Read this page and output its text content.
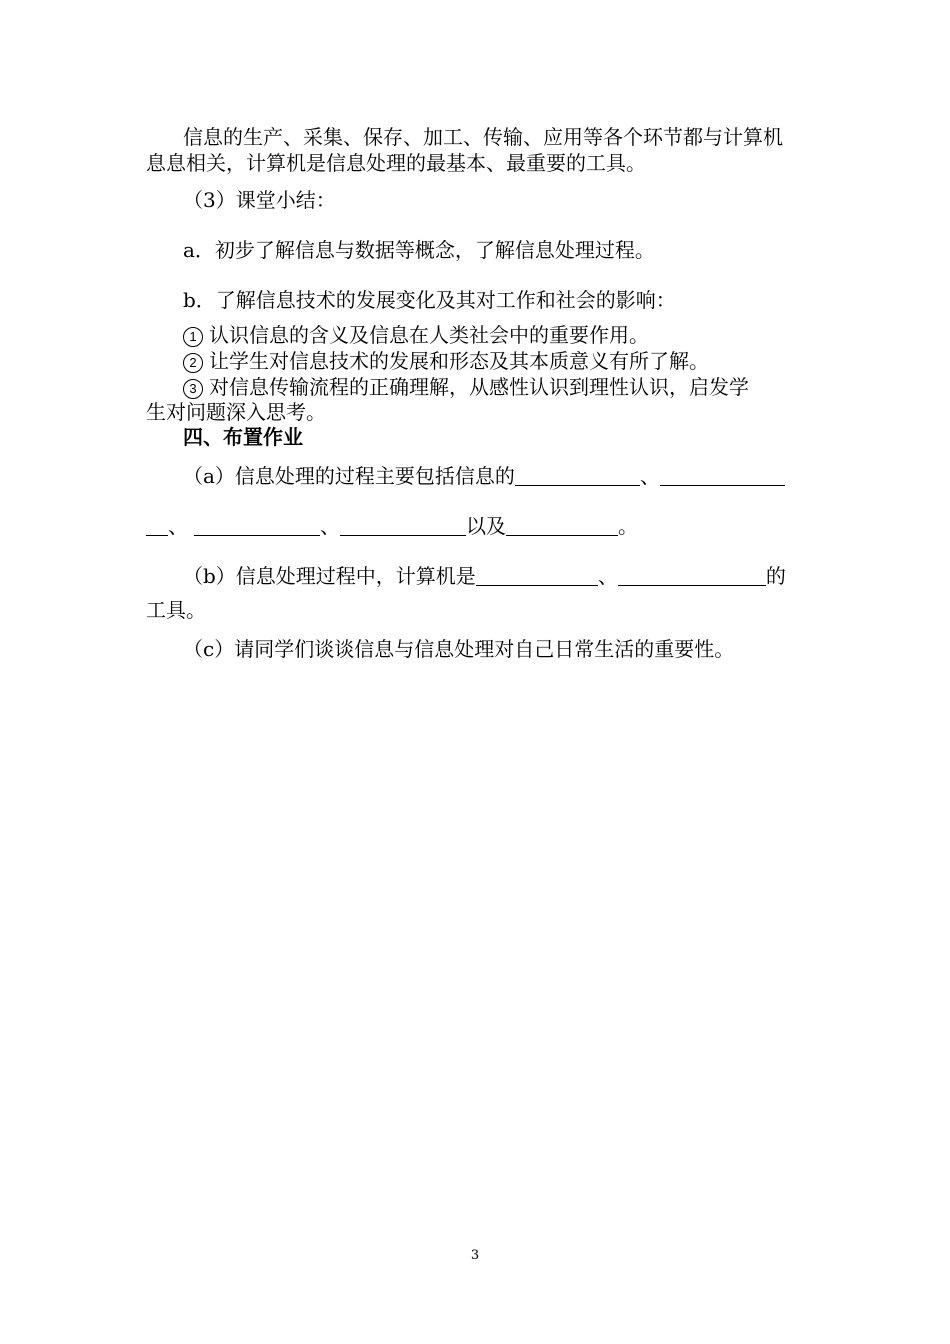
信息的生产、采集、保存、加工、传输、应用等各个环节都与计算机
息息相关，计算机是信息处理的最基本、最重要的工具。
（3）课堂小结：
a．初步了解信息与数据等概念，了解信息处理过程。
b．了解信息技术的发展变化及其对工作和社会的影响：
1 认识信息的含义及信息在人类社会中的重要作用。
2 让学生对信息技术的发展和形态及其本质意义有所了解。
3 对信息传输流程的正确理解，从感性认识到理性认识，启发学
生对问题深入思考。
四、布置作业
（a）信息处理的过程主要包括信息的	、
、	、	以及	。
（b）信息处理过程中，计算机是	、	的
工具。
（c）请同学们谈谈信息与信息处理对自己日常生活的重要性。
3
